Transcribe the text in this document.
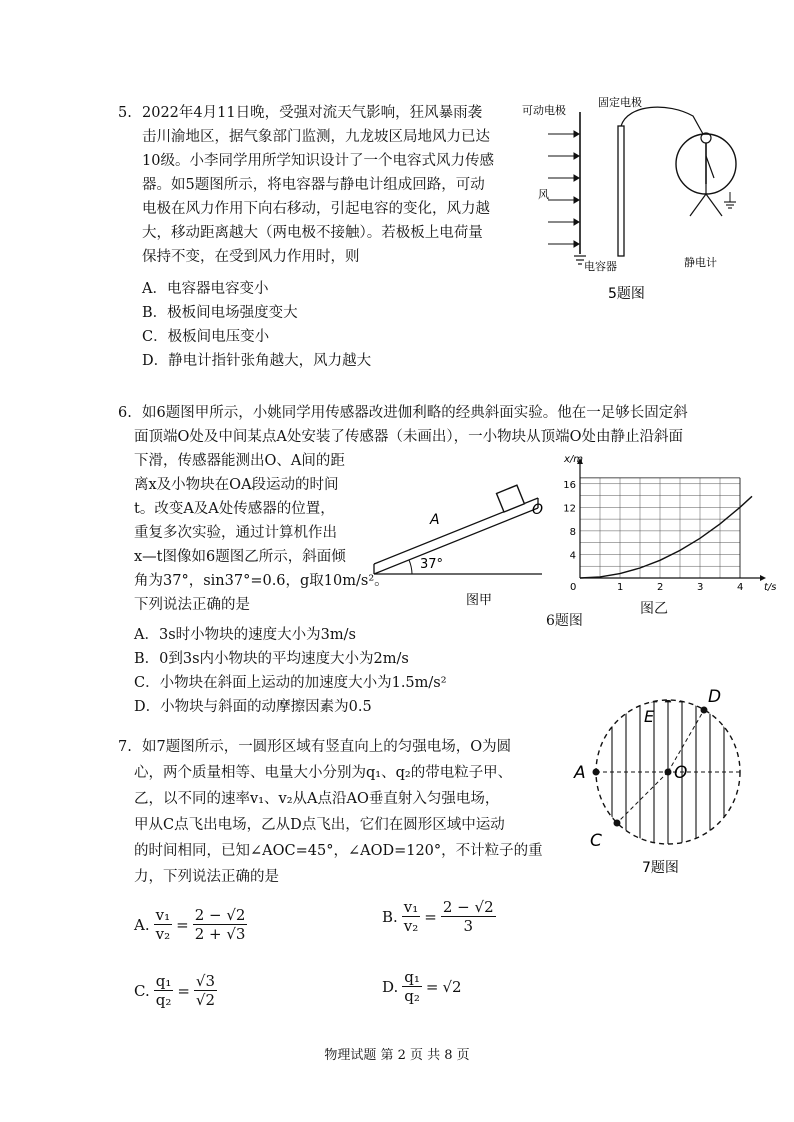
5. 2022年4月11日晚，受强对流天气影响，狂风暴雨袭
击川渝地区，据气象部门监测，九龙坡区局地风力已达
10级。小李同学用所学知识设计了一个电容式风力传感
器。如5题图所示，将电容器与静电计组成回路，可动
电极在风力作用下向右移动，引起电容的变化，风力越
大，移动距离越大（两电极不接触）。若极板上电荷量
保持不变，在受到风力作用时，则
A．电容器电容变小
B．极板间电场强度变大
C．极板间电压变小
D．静电计指针张角越大，风力越大
可动电极
固定电极
风
电容器	静电计
5题图
6. 如6题图甲所示，小姚同学用传感器改进伽利略的经典斜面实验。他在一足够长固定斜
面顶端O处及中间某点A处安装了传感器（未画出），一小物块从顶端O处由静止沿斜面
下滑，传感器能测出O、A间的距
离x及小物块在OA段运动的时间
t。改变A及A处传感器的位置，
重复多次实验，通过计算机作出
x—t图像如6题图乙所示，斜面倾
角为37°，sin37°=0.6，g取10m/s²。
下列说法正确的是
A．3s时小物块的速度大小为3m/s
B．0到3s内小物块的平均速度大小为2m/s
C．小物块在斜面上运动的加速度大小为1.5m/s²
D．小物块与斜面的动摩擦因素为0.5
37°
A
O
图甲
t/s
x/m
0	1	2	3	4
4
8
12
16
图乙
6题图
7. 如7题图所示，一圆形区域有竖直向上的匀强电场，O为圆
心，两个质量相等、电量大小分别为q₁、q₂的带电粒子甲、
乙，以不同的速率v₁、v₂从A点沿AO垂直射入匀强电场，
甲从C点飞出电场，乙从D点飞出，它们在圆形区域中运动
的时间相同，已知∠AOC=45°，∠AOD=120°，不计粒子的重
力，下列说法正确的是
A	O
C
D
E
7题图
A. $\frac{\text{v₁}}{\text{v₂}} = \frac{2 - √2}{2 + √3}$	B. $\frac{\text{v₁}}{\text{v₂}} = \frac{2 - √2}{3}$
C. $\frac{\text{q₁}}{\text{q₂}} = \frac{√3}{√2}$	D. $\frac{\text{q₁}}{\text{q₂}} = √2$
物理试题 第 2 页 共 8 页
